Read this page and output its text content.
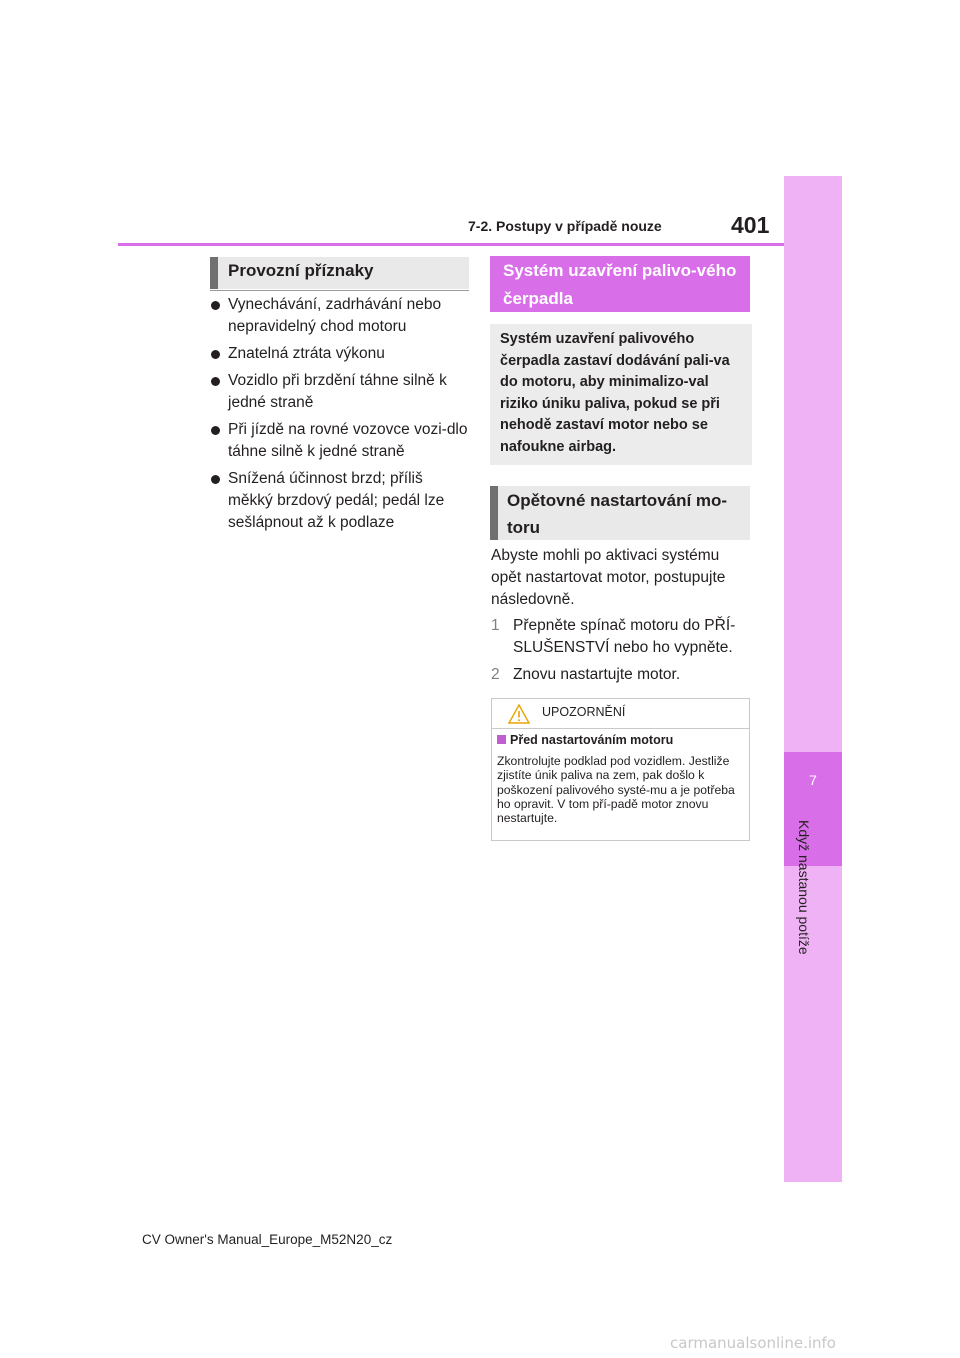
7-2. Postupy v případě nouze	401
7
Když nastanou potíže
Provozní příznaky
Vynechávání, zadrhávání nebo nepravidelný chod motoru
Znatelná ztráta výkonu
Vozidlo při brzdění táhne silně k jedné straně
Při jízdě na rovné vozovce vozi-dlo táhne silně k jedné straně
Snížená účinnost brzd; příliš měkký brzdový pedál; pedál lze sešlápnout až k podlaze
Systém uzavření palivo-vého čerpadla
Systém uzavření palivového čerpadla zastaví dodávání pali-va do motoru, aby minimalizo-val riziko úniku paliva, pokud se při nehodě zastaví motor nebo se nafoukne airbag.
Opětovné nastartování mo-toru
Abyste mohli po aktivaci systému opět nastartovat motor, postupujte následovně.
1 Přepněte spínač motoru do PŘÍ-SLUŠENSTVÍ nebo ho vypněte.
2 Znovu nastartujte motor.
UPOZORNĚNÍ
Před nastartováním motoru
Zkontrolujte podklad pod vozidlem. Jestliže zjistíte únik paliva na zem, pak došlo k poškození palivového systé-mu a je potřeba ho opravit. V tom pří-padě motor znovu nestartujte.
CV Owner's Manual_Europe_M52N20_cz
carmanualsonline.info
